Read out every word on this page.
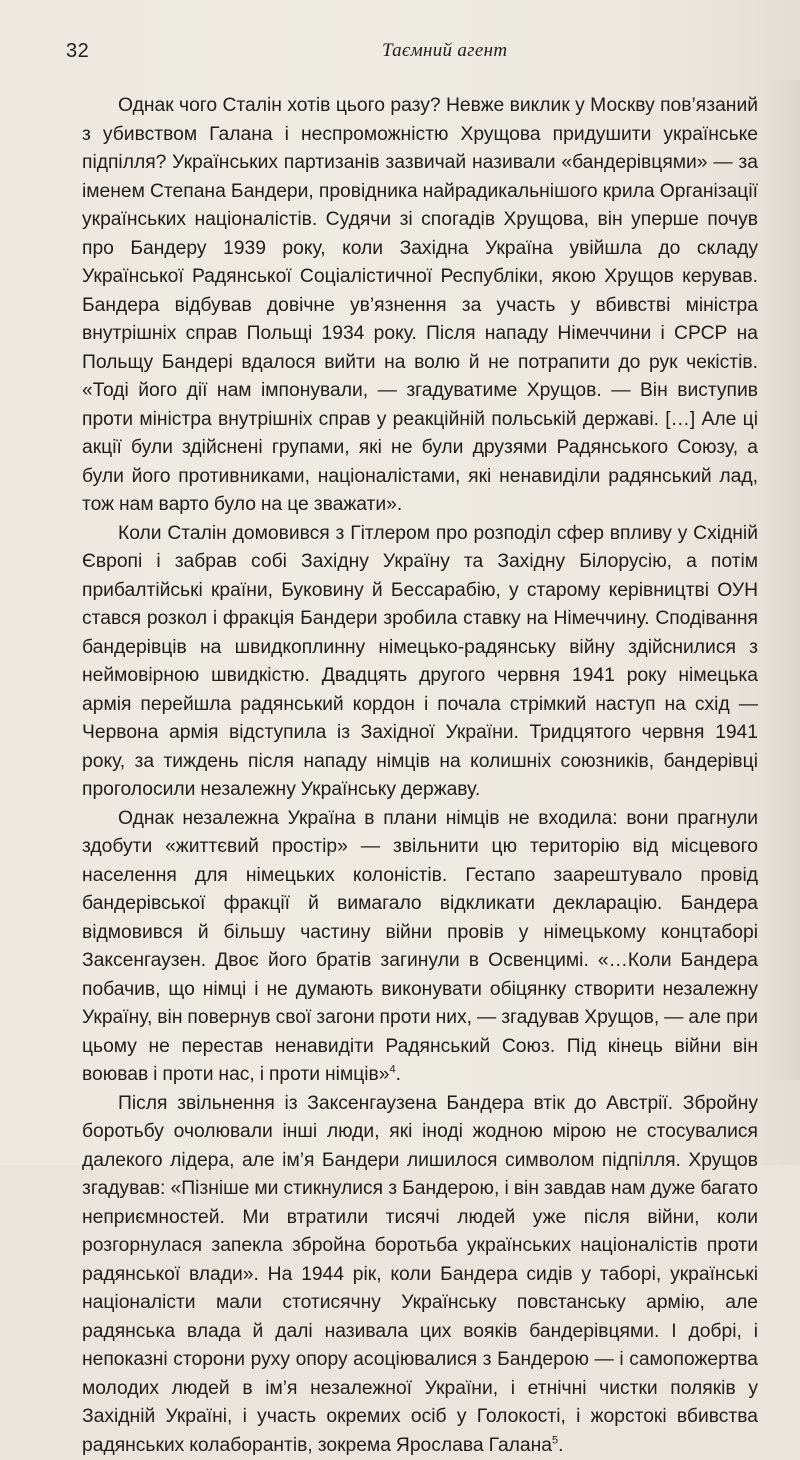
32	Таємний агент

Однак чого Сталін хотів цього разу? Невже виклик у Москву пов’язаний з убивством Галана і неспроможністю Хрущова придушити українське підпілля? Українських партизанів зазвичай називали «бандерівцями» — за іменем Степана Бандери, провідника найрадикальнішого крила Організації українських націоналістів. Судячи зі спогадів Хрущова, він уперше почув про Бандеру 1939 року, коли Західна Україна увійшла до складу Української Радянської Соціалістичної Республіки, якою Хрущов керував. Бандера відбував довічне ув’язнення за участь у вбивстві міністра внутрішніх справ Польщі 1934 року. Після нападу Німеччини і СРСР на Польщу Бандері вдалося вийти на волю й не потрапити до рук чекістів. «Тоді його дії нам імпонували, — згадуватиме Хрущов. — Він виступив проти міністра внутрішніх справ у реакційній польській державі. […] Але ці акції були здійснені групами, які не були друзями Радянського Союзу, а були його противниками, націоналістами, які ненавиділи радянський лад, тож нам варто було на це зважати».

Коли Сталін домовився з Гітлером про розподіл сфер впливу у Східній Європі і забрав собі Західну Україну та Західну Білорусію, а потім прибалтійські країни, Буковину й Бессарабію, у старому керівництві ОУН стався розкол і фракція Бандери зробила ставку на Німеччину. Сподівання бандерівців на швидкоплинну німецько-радянську війну здійснилися з неймовірною швидкістю. Двадцять другого червня 1941 року німецька армія перейшла радянський кордон і почала стрімкий наступ на схід — Червона армія відступила із Західної України. Тридцятого червня 1941 року, за тиждень після нападу німців на колишніх союзників, бандерівці проголосили незалежну Українську державу.

Однак незалежна Україна в плани німців не входила: вони прагнули здобути «життєвий простір» — звільнити цю територію від місцевого населення для німецьких колоністів. Гестапо заарештувало провід бандерівської фракції й вимагало відкликати декларацію. Бандера відмовився й більшу частину війни провів у німецькому концтаборі Заксенгаузен. Двоє його братів загинули в Освенцимі. «…Коли Бандера побачив, що німці і не думають виконувати обіцянку створити незалежну Україну, він повернув свої загони проти них, — згадував Хрущов, — але при цьому не перестав ненавидіти Радянський Союз. Під кінець війни він воював і проти нас, і проти німців»$^4$.

Після звільнення із Заксенгаузена Бандера втік до Австрії. Збройну боротьбу очолювали інші люди, які іноді жодною мірою не стосувалися далекого лідера, але ім’я Бандери лишилося символом підпілля. Хрущов згадував: «Пізніше ми стикнулися з Бандерою, і він завдав нам дуже багато неприємностей. Ми втратили тисячі людей уже після війни, коли розгорнулася запекла збройна боротьба українських націоналістів проти радянської влади». На 1944 рік, коли Бандера сидів у таборі, українські націоналісти мали стотисячну Українську повстанську армію, але радянська влада й далі називала цих вояків бандерівцями. І добрі, і непоказні сторони руху опору асоціювалися з Бандерою — і самопожертва молодих людей в ім’я незалежної України, і етнічні чистки поляків у Західній Україні, і участь окремих осіб у Голокості, і жорстокі вбивства радянських колаборантів, зокрема Ярослава Галана$^5$.
